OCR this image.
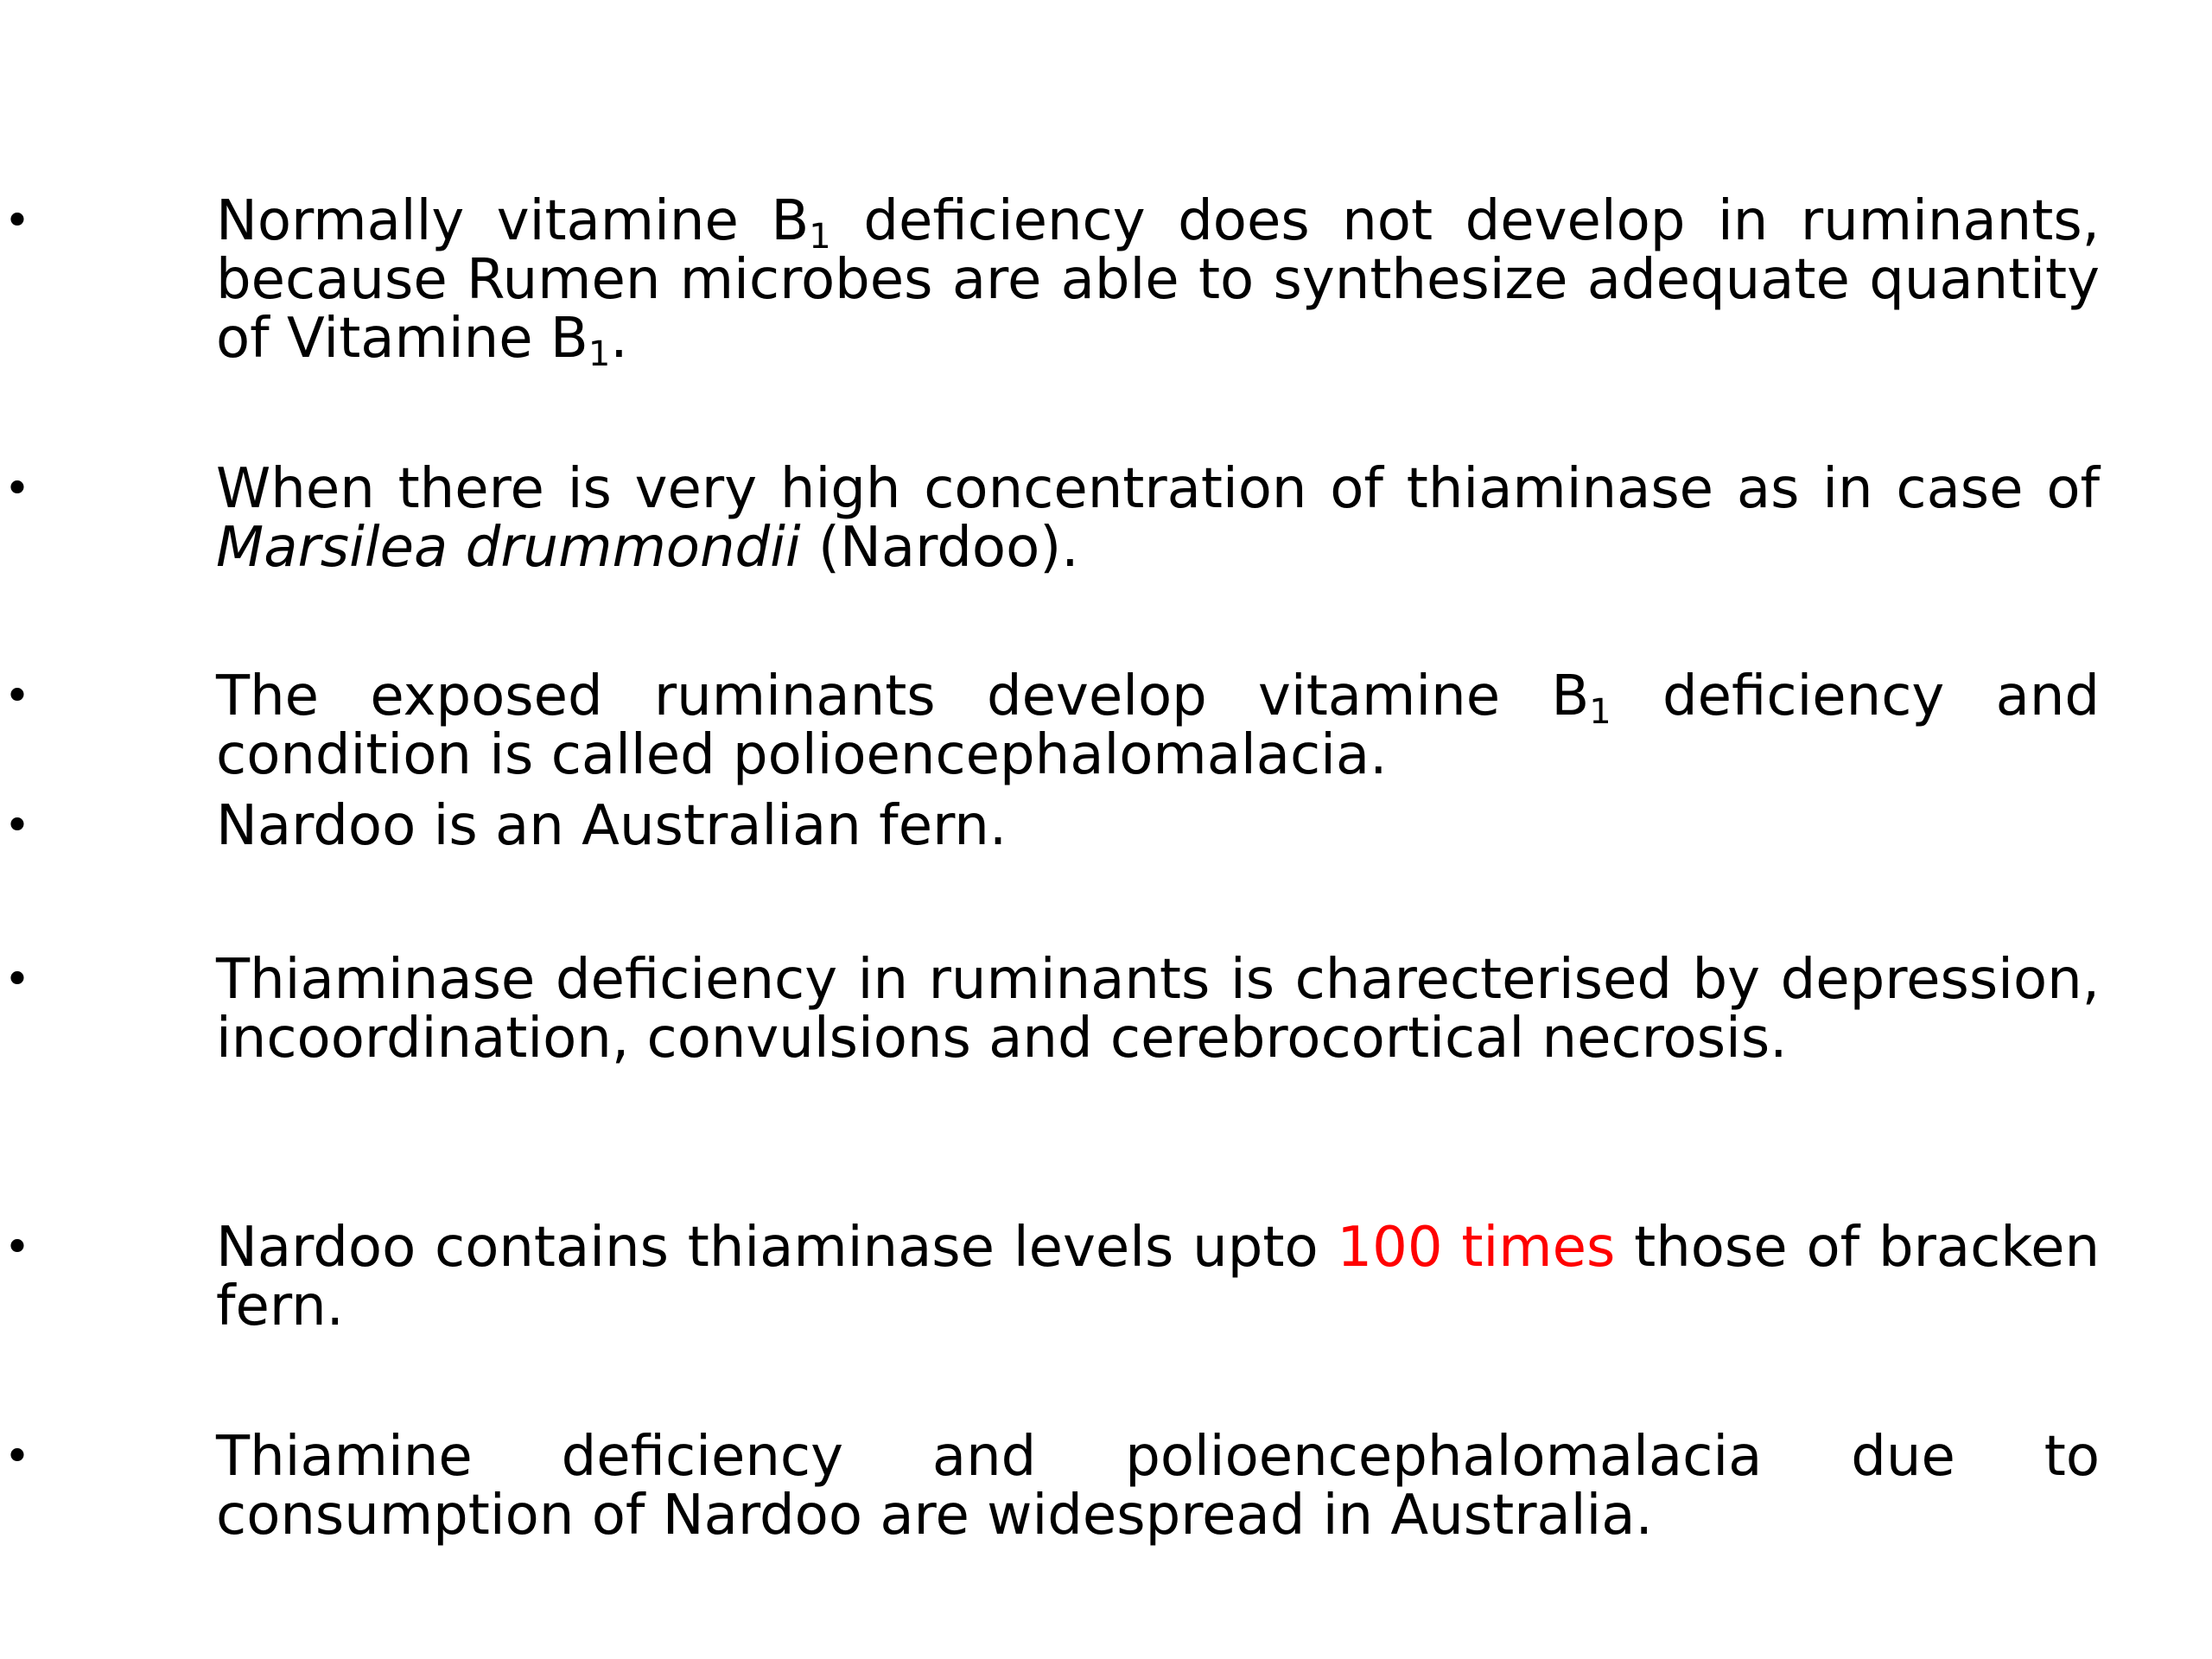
•	Normally vitamine $B_1$ deficiency does not develop in ruminants, because Rumen microbes are able to synthesize adequate quantity of Vitamine $B_1$.
•	When there is very high concentration of thiaminase as in case of Marsilea drummondii (Nardoo).
•	The exposed ruminants develop vitamine $B_1$ deficiency and condition is called polioencephalomalacia.
•	Nardoo is an Australian fern.
•	Thiaminase deficiency in ruminants is charecterised by depression, incoordination, convulsions and cerebrocortical necrosis.
•	Nardoo contains thiaminase levels upto 100 times those of bracken fern.
•	Thiamine deficiency and polioencephalomalacia due to consumption of Nardoo are widespread in Australia.
